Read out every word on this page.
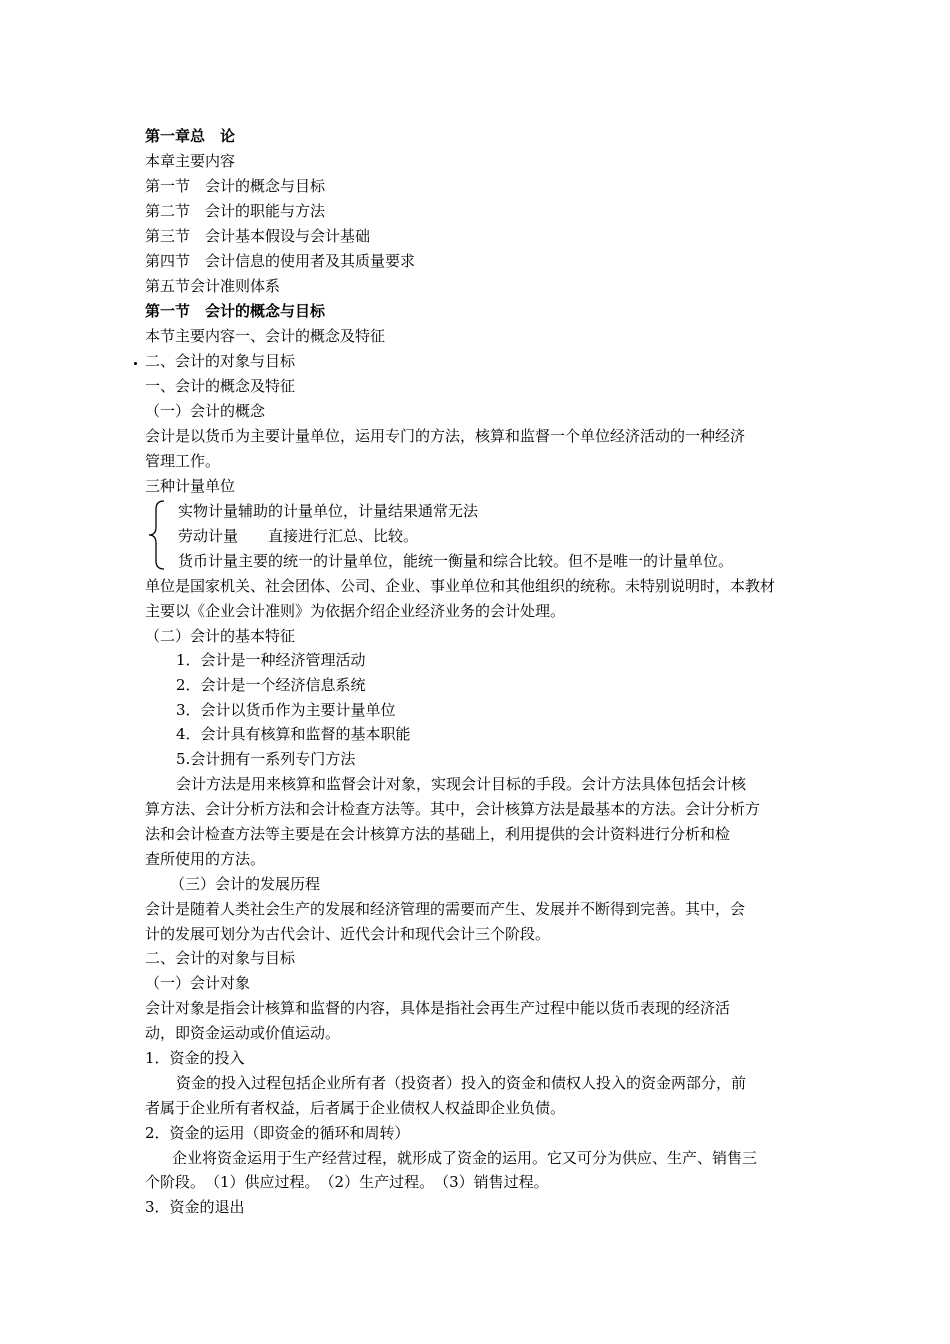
第一章总　论
本章主要内容
第一节　会计的概念与目标
第二节　会计的职能与方法
第三节　会计基本假设与会计基础
第四节　会计信息的使用者及其质量要求
第五节会计准则体系
第一节　会计的概念与目标
本节主要内容一、会计的概念及特征
二、会计的对象与目标
一、会计的概念及特征
（一）会计的概念
会计是以货币为主要计量单位，运用专门的方法，核算和监督一个单位经济活动的一种经济
管理工作。
三种计量单位
实物计量辅助的计量单位，计量结果通常无法
劳动计量　　直接进行汇总、比较。
货币计量主要的统一的计量单位，能统一衡量和综合比较。但不是唯一的计量单位。
单位是国家机关、社会团体、公司、企业、事业单位和其他组织的统称。未特别说明时，本教材
主要以《企业会计准则》为依据介绍企业经济业务的会计处理。
（二）会计的基本特征
1．会计是一种经济管理活动
2．会计是一个经济信息系统
3．会计以货币作为主要计量单位
4．会计具有核算和监督的基本职能
5.会计拥有一系列专门方法
会计方法是用来核算和监督会计对象，实现会计目标的手段。会计方法具体包括会计核
算方法、会计分析方法和会计检查方法等。其中，会计核算方法是最基本的方法。会计分析方
法和会计检查方法等主要是在会计核算方法的基础上，利用提供的会计资料进行分析和检
查所使用的方法。
（三）会计的发展历程
会计是随着人类社会生产的发展和经济管理的需要而产生、发展并不断得到完善。其中，会
计的发展可划分为古代会计、近代会计和现代会计三个阶段。
二、会计的对象与目标
（一）会计对象
会计对象是指会计核算和监督的内容，具体是指社会再生产过程中能以货币表现的经济活
动，即资金运动或价值运动。
1．资金的投入
资金的投入过程包括企业所有者（投资者）投入的资金和债权人投入的资金两部分，前
者属于企业所有者权益，后者属于企业债权人权益即企业负债。
2．资金的运用（即资金的循环和周转）
企业将资金运用于生产经营过程，就形成了资金的运用。它又可分为供应、生产、销售三
个阶段。　（1）供应过程。　（2）生产过程。　（3）销售过程。
3．资金的退出
